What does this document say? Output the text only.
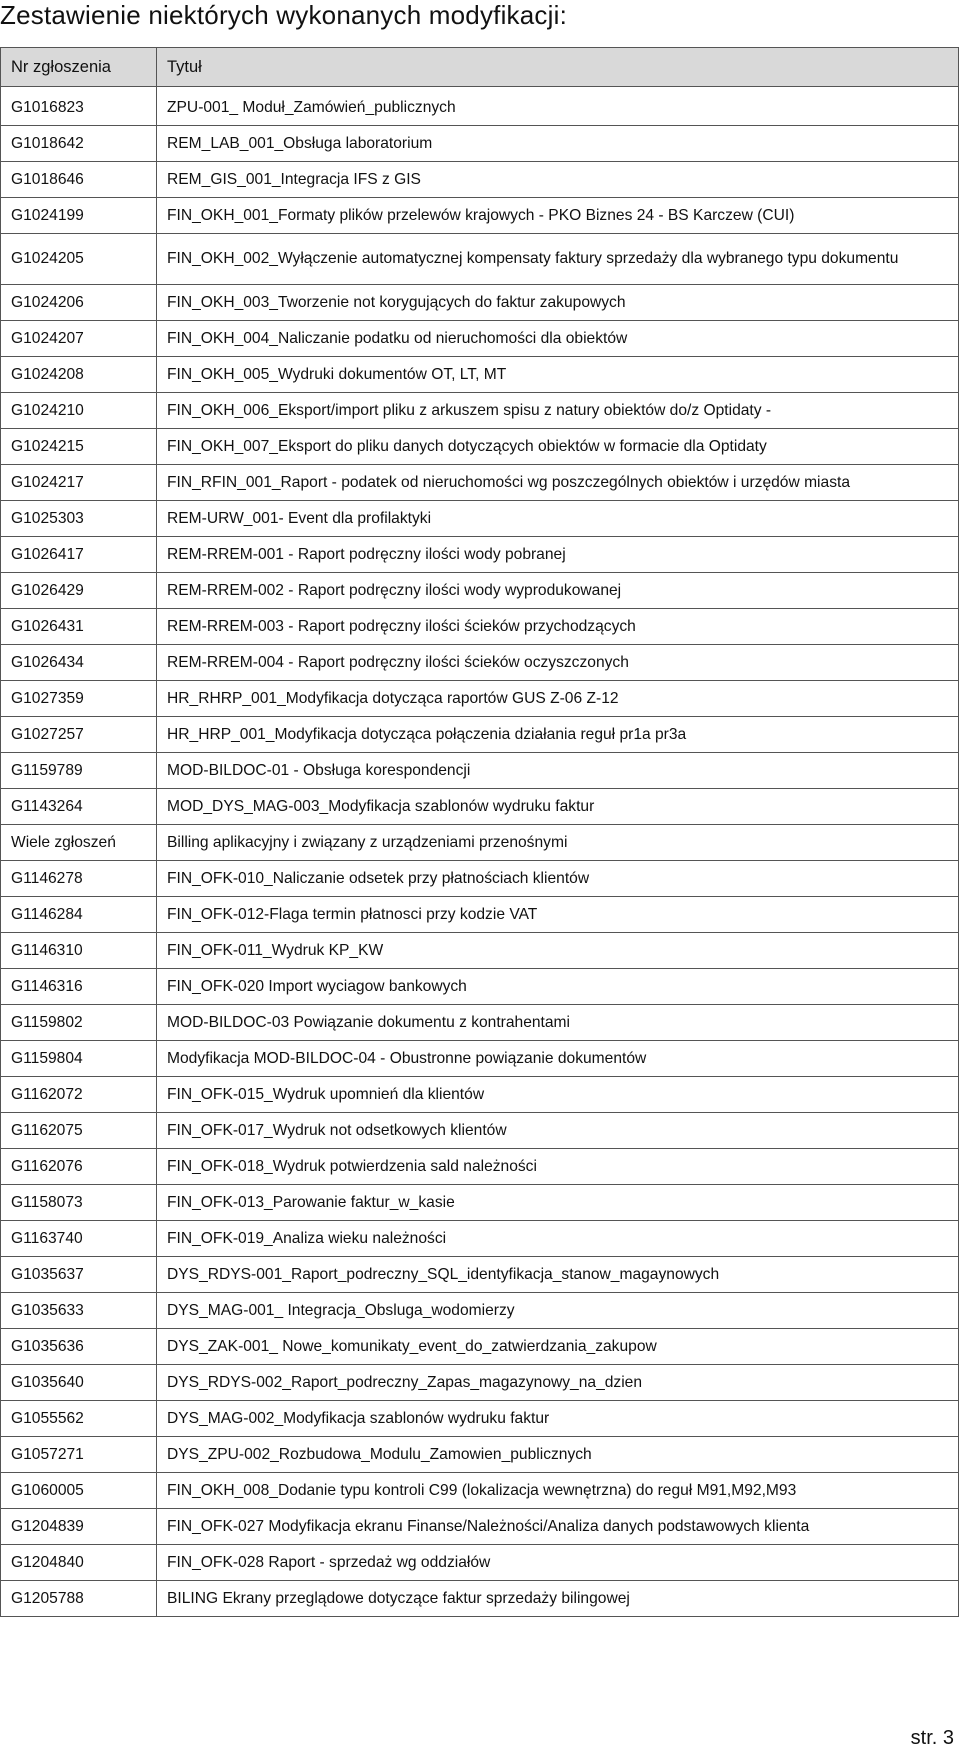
Zestawienie niektórych wykonanych modyfikacji:
Nr zgłoszenia	Tytuł
G1016823	ZPU-001_ Moduł_Zamówień_publicznych
G1018642	REM_LAB_001_Obsługa laboratorium
G1018646	REM_GIS_001_Integracja IFS z GIS
G1024199	FIN_OKH_001_Formaty plików przelewów krajowych - PKO Biznes 24 - BS Karczew (CUI)
G1024205	FIN_OKH_002_Wyłączenie automatycznej kompensaty faktury sprzedaży dla wybranego typu dokumentu
G1024206	FIN_OKH_003_Tworzenie not korygujących do faktur zakupowych
G1024207	FIN_OKH_004_Naliczanie podatku od nieruchomości dla obiektów
G1024208	FIN_OKH_005_Wydruki dokumentów OT, LT, MT
G1024210	FIN_OKH_006_Eksport/import pliku z arkuszem spisu z natury obiektów do/z Optidaty -
G1024215	FIN_OKH_007_Eksport do pliku danych dotyczących obiektów w formacie dla Optidaty
G1024217	FIN_RFIN_001_Raport - podatek od nieruchomości wg poszczególnych obiektów i urzędów miasta
G1025303	REM-URW_001- Event dla profilaktyki
G1026417	REM-RREM-001 - Raport podręczny ilości wody pobranej
G1026429	REM-RREM-002 - Raport podręczny ilości wody wyprodukowanej
G1026431	REM-RREM-003 - Raport podręczny ilości ścieków przychodzących
G1026434	REM-RREM-004 - Raport podręczny ilości ścieków oczyszczonych
G1027359	HR_RHRP_001_Modyfikacja dotycząca raportów GUS Z-06 Z-12
G1027257	HR_HRP_001_Modyfikacja dotycząca połączenia działania reguł pr1a pr3a
G1159789	MOD-BILDOC-01 - Obsługa korespondencji
G1143264	MOD_DYS_MAG-003_Modyfikacja szablonów wydruku faktur
Wiele zgłoszeń	Billing aplikacyjny i związany z urządzeniami przenośnymi
G1146278	FIN_OFK-010_Naliczanie odsetek przy płatnościach klientów
G1146284	FIN_OFK-012-Flaga termin płatnosci przy kodzie VAT
G1146310	FIN_OFK-011_Wydruk KP_KW
G1146316	FIN_OFK-020 Import wyciagow bankowych
G1159802	MOD-BILDOC-03 Powiązanie dokumentu z kontrahentami
G1159804	Modyfikacja MOD-BILDOC-04 - Obustronne powiązanie dokumentów
G1162072	FIN_OFK-015_Wydruk upomnień dla klientów
G1162075	FIN_OFK-017_Wydruk not odsetkowych klientów
G1162076	FIN_OFK-018_Wydruk potwierdzenia sald należności
G1158073	FIN_OFK-013_Parowanie faktur_w_kasie
G1163740	FIN_OFK-019_Analiza wieku należności
G1035637	DYS_RDYS-001_Raport_podreczny_SQL_identyfikacja_stanow_magaynowych
G1035633	DYS_MAG-001_ Integracja_Obsluga_wodomierzy
G1035636	DYS_ZAK-001_ Nowe_komunikaty_event_do_zatwierdzania_zakupow
G1035640	DYS_RDYS-002_Raport_podreczny_Zapas_magazynowy_na_dzien
G1055562	DYS_MAG-002_Modyfikacja szablonów wydruku faktur
G1057271	DYS_ZPU-002_Rozbudowa_Modulu_Zamowien_publicznych
G1060005	FIN_OKH_008_Dodanie typu kontroli C99 (lokalizacja wewnętrzna) do reguł M91,M92,M93
G1204839	FIN_OFK-027 Modyfikacja ekranu Finanse/Należności/Analiza danych podstawowych klienta
G1204840	FIN_OFK-028 Raport - sprzedaż wg oddziałów
G1205788	BILING Ekrany przeglądowe dotyczące faktur sprzedaży bilingowej
str. 3
